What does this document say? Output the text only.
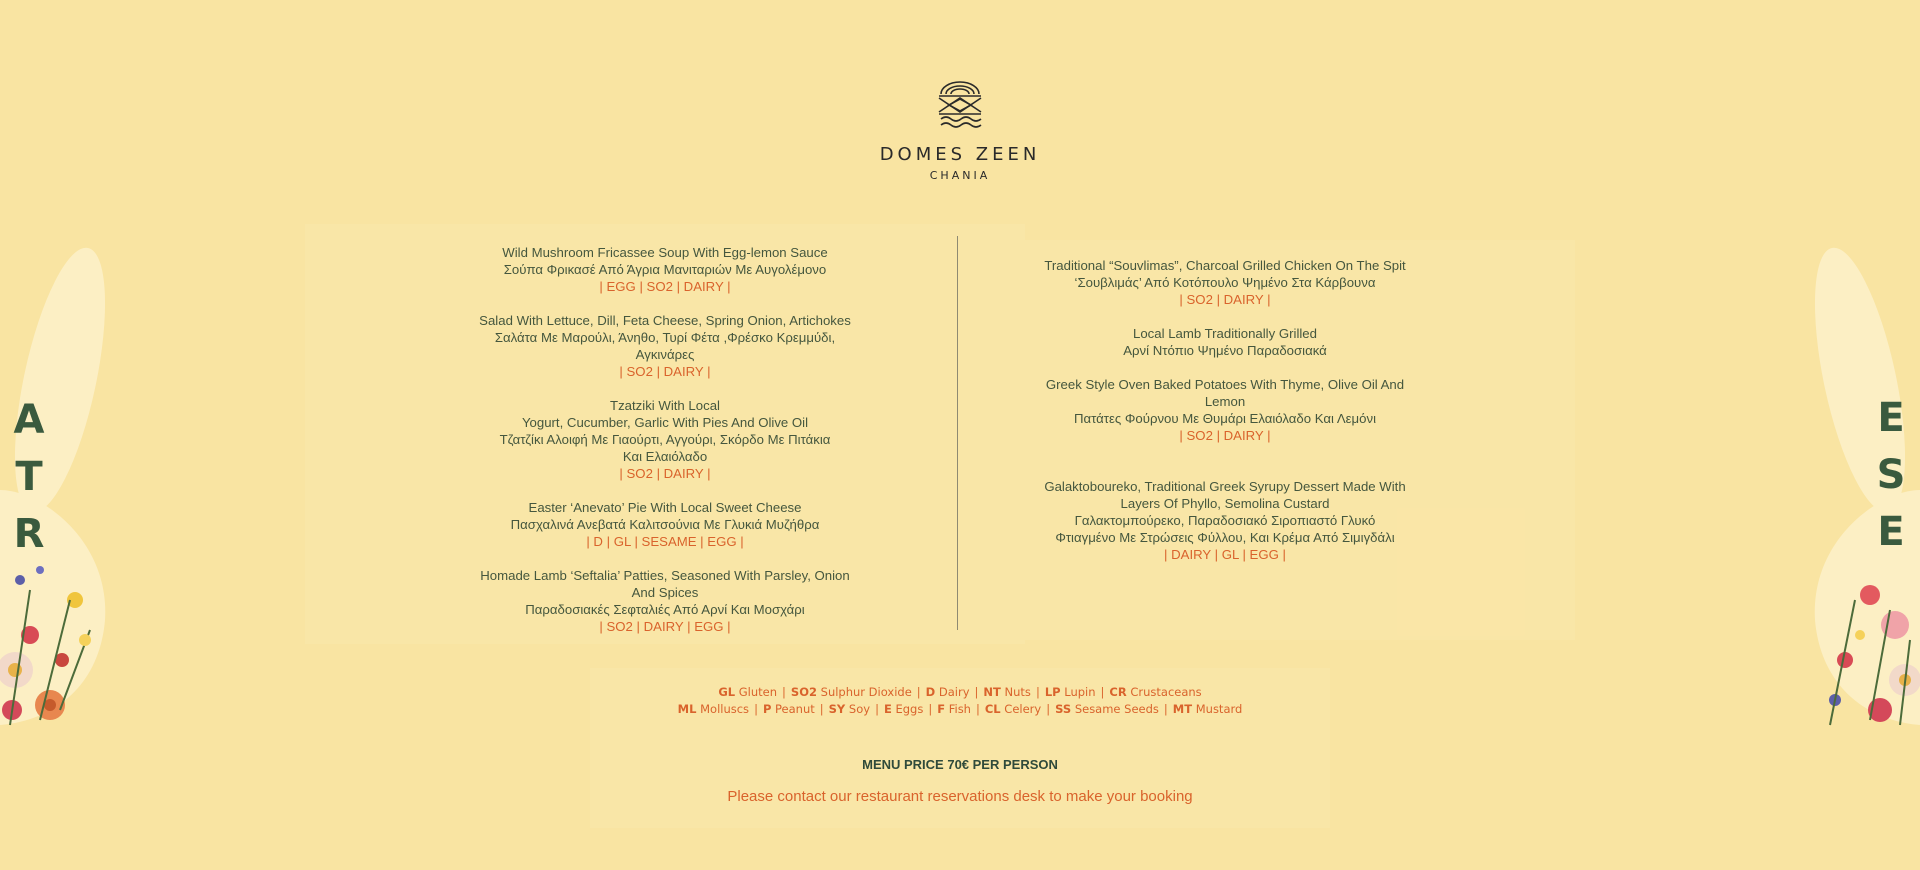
A
T
R
E
S
E
DOMES ZEEN
CHANIA
Wild Mushroom Fricassee Soup With Egg-lemon Sauce
Σούπα Φρικασέ Από Άγρια Μανιταριών Με Αυγολέμονο
| EGG | SO2 | DAIRY |
Salad With Lettuce, Dill, Feta Cheese, Spring Onion, Artichokes
Σαλάτα Με Μαρούλι, Άνηθο, Τυρί Φέτα ,Φρέσκο Κρεμμύδι,
Αγκινάρες
| SO2 | DAIRY |
Tzatziki With Local
Yogurt, Cucumber, Garlic With Pies And Olive Oil
Τζατζίκι Αλοιφή Με Γιαούρτι, Αγγούρι, Σκόρδο Με Πιτάκια
Και Ελαιόλαδο
| SO2 | DAIRY |
Easter ‘Anevato’ Pie With Local Sweet Cheese
Πασχαλινά Ανεβατά Καλιτσούνια Με Γλυκιά Μυζήθρα
| D | GL | SESAME | EGG |
Homade Lamb ‘Seftalia’ Patties, Seasoned With Parsley, Onion
And Spices
Παραδοσιακές Σεφταλιές Από Αρνί Και Μοσχάρι
| SO2 | DAIRY | EGG |
Traditional “Souvlimas”, Charcoal Grilled Chicken On The Spit
‘Σουβλιμάς’ Από Κοτόπουλο Ψημένο Στα Κάρβουνα
| SO2 | DAIRY |
Local Lamb Traditionally Grilled
Αρνί Ντόπιο Ψημένο Παραδοσιακά
Greek Style Oven Baked Potatoes With Thyme, Olive Oil And
Lemon
Πατάτες Φούρνου Με Θυμάρι Ελαιόλαδο Και Λεμόνι
| SO2 | DAIRY |
Galaktoboureko, Traditional Greek Syrupy Dessert Made With
Layers Of Phyllo, Semolina Custard
Γαλακτομπούρεκο, Παραδοσιακό Σιροπιαστό Γλυκό
Φτιαγμένο Με Στρώσεις Φύλλου, Και Κρέμα Από Σιμιγδάλι
| DAIRY | GL | EGG |
GL Gluten | SO2 Sulphur Dioxide | D Dairy | NT Nuts | LP Lupin | CR Crustaceans
ML Molluscs | P Peanut | SY Soy | E Eggs | F Fish | CL Celery | SS Sesame Seeds | MT Mustard
MENU PRICE 70€ PER PERSON
Please contact our restaurant reservations desk to make your booking
